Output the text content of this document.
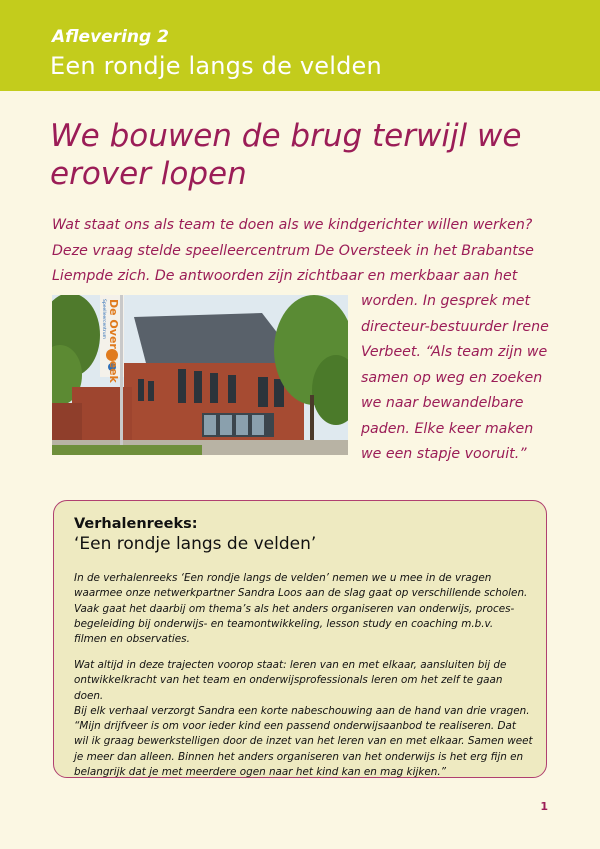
Aflevering 2
Een rondje langs de velden
We bouwen de brug terwijl we erover lopen

Wat staat ons als team te doen als we kindgerichter willen werken?
Deze vraag stelde speelleercentrum De Oversteek in het Brabantse
Liempde zich. De antwoorden zijn zichtbaar en merkbaar aan het

De Oversteek
Speelleercentrum	worden. In gesprek met
directeur-bestuurder Irene
Verbeet. “Als team zijn we
samen op weg en zoeken
we naar bewandelbare
paden. Elke keer maken
we een stapje vooruit.”

Verhalenreeks:
‘Een rondje langs de velden’

In de verhalenreeks ‘Een rondje langs de velden’ nemen we u mee in de vragen
waarmee onze netwerkpartner Sandra Loos aan de slag gaat op verschillende scholen.
Vaak gaat het daarbij om thema’s als het anders organiseren van onderwijs, proces-
begeleiding bij onderwijs- en teamontwikkeling, lesson study en coaching m.b.v.
filmen en observaties.

Wat altijd in deze trajecten voorop staat: leren van en met elkaar, aansluiten bij de
ontwikkelkracht van het team en onderwijsprofessionals leren om het zelf te gaan doen.
Bij elk verhaal verzorgt Sandra een korte nabeschouwing aan de hand van drie vragen.
“Mijn drijfveer is om voor ieder kind een passend onderwijsaanbod te realiseren. Dat
wil ik graag bewerkstelligen door de inzet van het leren van en met elkaar. Samen weet
je meer dan alleen. Binnen het anders organiseren van het onderwijs is het erg fijn en
belangrijk dat je met meerdere ogen naar het kind kan en mag kijken.”

1
